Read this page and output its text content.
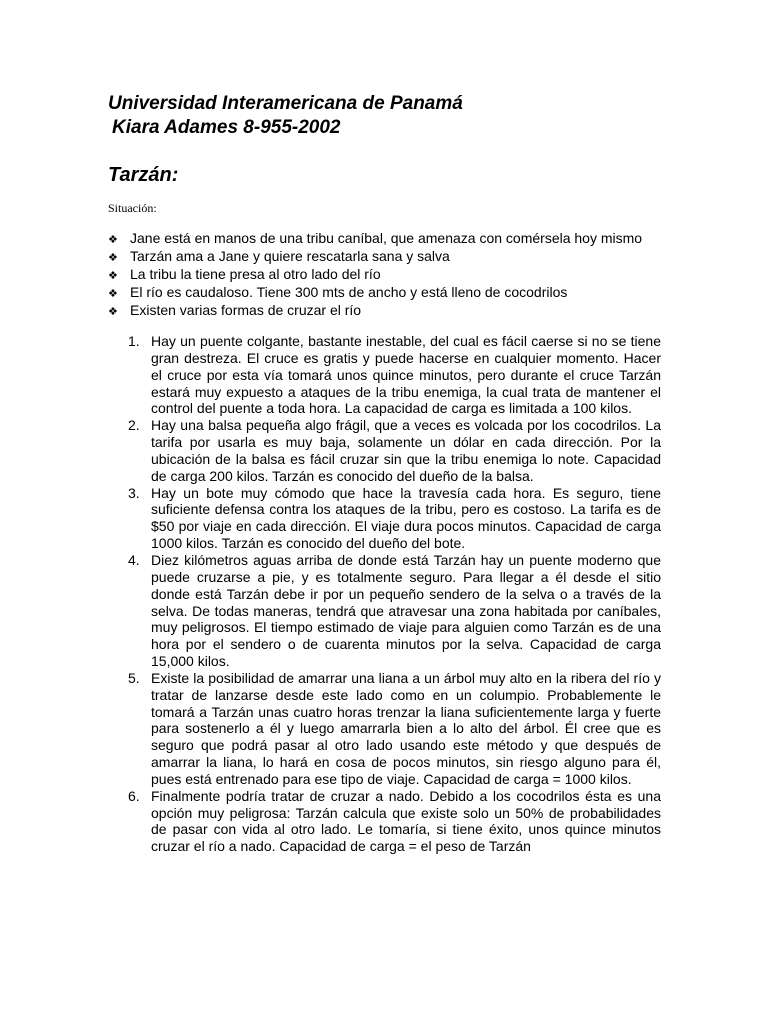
Universidad Interamericana de Panamá
Kiara Adames 8-955-2002
Tarzán:

Situación:

❖ Jane está en manos de una tribu caníbal, que amenaza con comérsela hoy mismo
❖ Tarzán ama a Jane y quiere rescatarla sana y salva
❖ La tribu la tiene presa al otro lado del río
❖ El río es caudaloso. Tiene 300 mts de ancho y está lleno de cocodrilos
❖ Existen varias formas de cruzar el río
1. Hay un puente colgante, bastante inestable, del cual es fácil caerse si no se tiene gran destreza. El cruce es gratis y puede hacerse en cualquier momento. Hacer el cruce por esta vía tomará unos quince minutos, pero durante el cruce Tarzán estará muy expuesto a ataques de la tribu enemiga, la cual trata de mantener el control del puente a toda hora. La capacidad de carga es limitada a 100 kilos.
2. Hay una balsa pequeña algo frágil, que a veces es volcada por los cocodrilos. La tarifa por usarla es muy baja, solamente un dólar en cada dirección. Por la ubicación de la balsa es fácil cruzar sin que la tribu enemiga lo note. Capacidad de carga 200 kilos. Tarzán es conocido del dueño de la balsa.
3. Hay un bote muy cómodo que hace la travesía cada hora. Es seguro, tiene suficiente defensa contra los ataques de la tribu, pero es costoso. La tarifa es de $50 por viaje en cada dirección. El viaje dura pocos minutos. Capacidad de carga 1000 kilos. Tarzán es conocido del dueño del bote.
4. Diez kilómetros aguas arriba de donde está Tarzán hay un puente moderno que puede cruzarse a pie, y es totalmente seguro. Para llegar a él desde el sitio donde está Tarzán debe ir por un pequeño sendero de la selva o a través de la selva. De todas maneras, tendrá que atravesar una zona habitada por caníbales, muy peligrosos. El tiempo estimado de viaje para alguien como Tarzán es de una hora por el sendero o de cuarenta minutos por la selva. Capacidad de carga 15,000 kilos.
5. Existe la posibilidad de amarrar una liana a un árbol muy alto en la ribera del río y tratar de lanzarse desde este lado como en un columpio. Probablemente le tomará a Tarzán unas cuatro horas trenzar la liana suficientemente larga y fuerte para sostenerlo a él y luego amarrarla bien a lo alto del árbol. Él cree que es seguro que podrá pasar al otro lado usando este método y que después de amarrar la liana, lo hará en cosa de pocos minutos, sin riesgo alguno para él, pues está entrenado para ese tipo de viaje. Capacidad de carga = 1000 kilos.
6. Finalmente podría tratar de cruzar a nado. Debido a los cocodrilos ésta es una opción muy peligrosa: Tarzán calcula que existe solo un 50% de probabilidades de pasar con vida al otro lado. Le tomaría, si tiene éxito, unos quince minutos cruzar el río a nado. Capacidad de carga = el peso de Tarzán
